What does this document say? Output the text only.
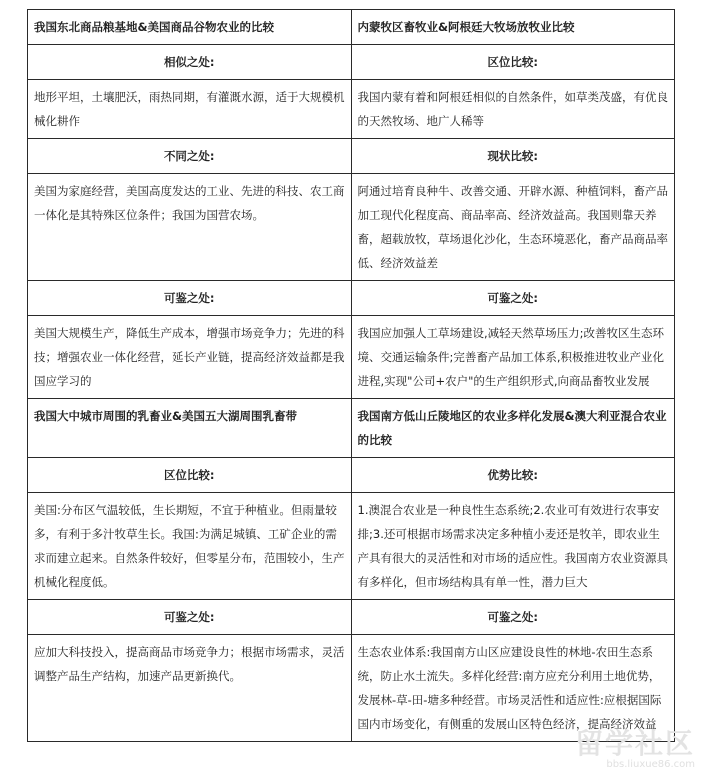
我国东北商品粮基地&美国商品谷物农业的比较	内蒙牧区畜牧业&阿根廷大牧场放牧业比较
相似之处:	区位比较:
地形平坦，土壤肥沃，雨热同期，有灌溉水源，适于大规模机械化耕作	我国内蒙有着和阿根廷相似的自然条件，如草类茂盛，有优良的天然牧场、地广人稀等
不同之处:	现状比较:
美国为家庭经营，美国高度发达的工业、先进的科技、农工商一体化是其特殊区位条件；我国为国营农场。	阿通过培育良种牛、改善交通、开辟水源、种植饲料，畜产品加工现代化程度高、商品率高、经济效益高。我国则靠天养畜，超载放牧，草场退化沙化，生态环境恶化，畜产品商品率低、经济效益差
可鉴之处:	可鉴之处:
美国大规模生产，降低生产成本，增强市场竞争力；先进的科技；增强农业一体化经营，延长产业链，提高经济效益都是我国应学习的	我国应加强人工草场建设,减轻天然草场压力;改善牧区生态环境、交通运输条件;完善畜产品加工体系,积极推进牧业产业化进程,实现"公司+农户"的生产组织形式,向商品畜牧业发展
我国大中城市周围的乳畜业&美国五大湖周围乳畜带	我国南方低山丘陵地区的农业多样化发展&澳大利亚混合农业的比较
区位比较:	优势比较:
美国:分布区气温较低，生长期短，不宜于种植业。但雨量较多，有利于多汁牧草生长。我国:为满足城镇、工矿企业的需求而建立起来。自然条件较好，但零星分布，范围较小，生产机械化程度低。	1.澳混合农业是一种良性生态系统;2.农业可有效进行农事安排;3.还可根据市场需求决定多种植小麦还是牧羊，即农业生产具有很大的灵活性和对市场的适应性。我国南方农业资源具有多样化，但市场结构具有单一性，潜力巨大
可鉴之处:	可鉴之处:
应加大科技投入，提高商品市场竞争力；根据市场需求，灵活调整产品生产结构，加速产品更新换代。	生态农业体系:我国南方山区应建设良性的林地-农田生态系统，防止水土流失。多样化经营:南方应充分利用土地优势，发展林-草-田-塘多种经营。市场灵活性和适应性:应根据国际国内市场变化，有侧重的发展山区特色经济，提高经济效益
留学社区
bbs.liuxue86.com
